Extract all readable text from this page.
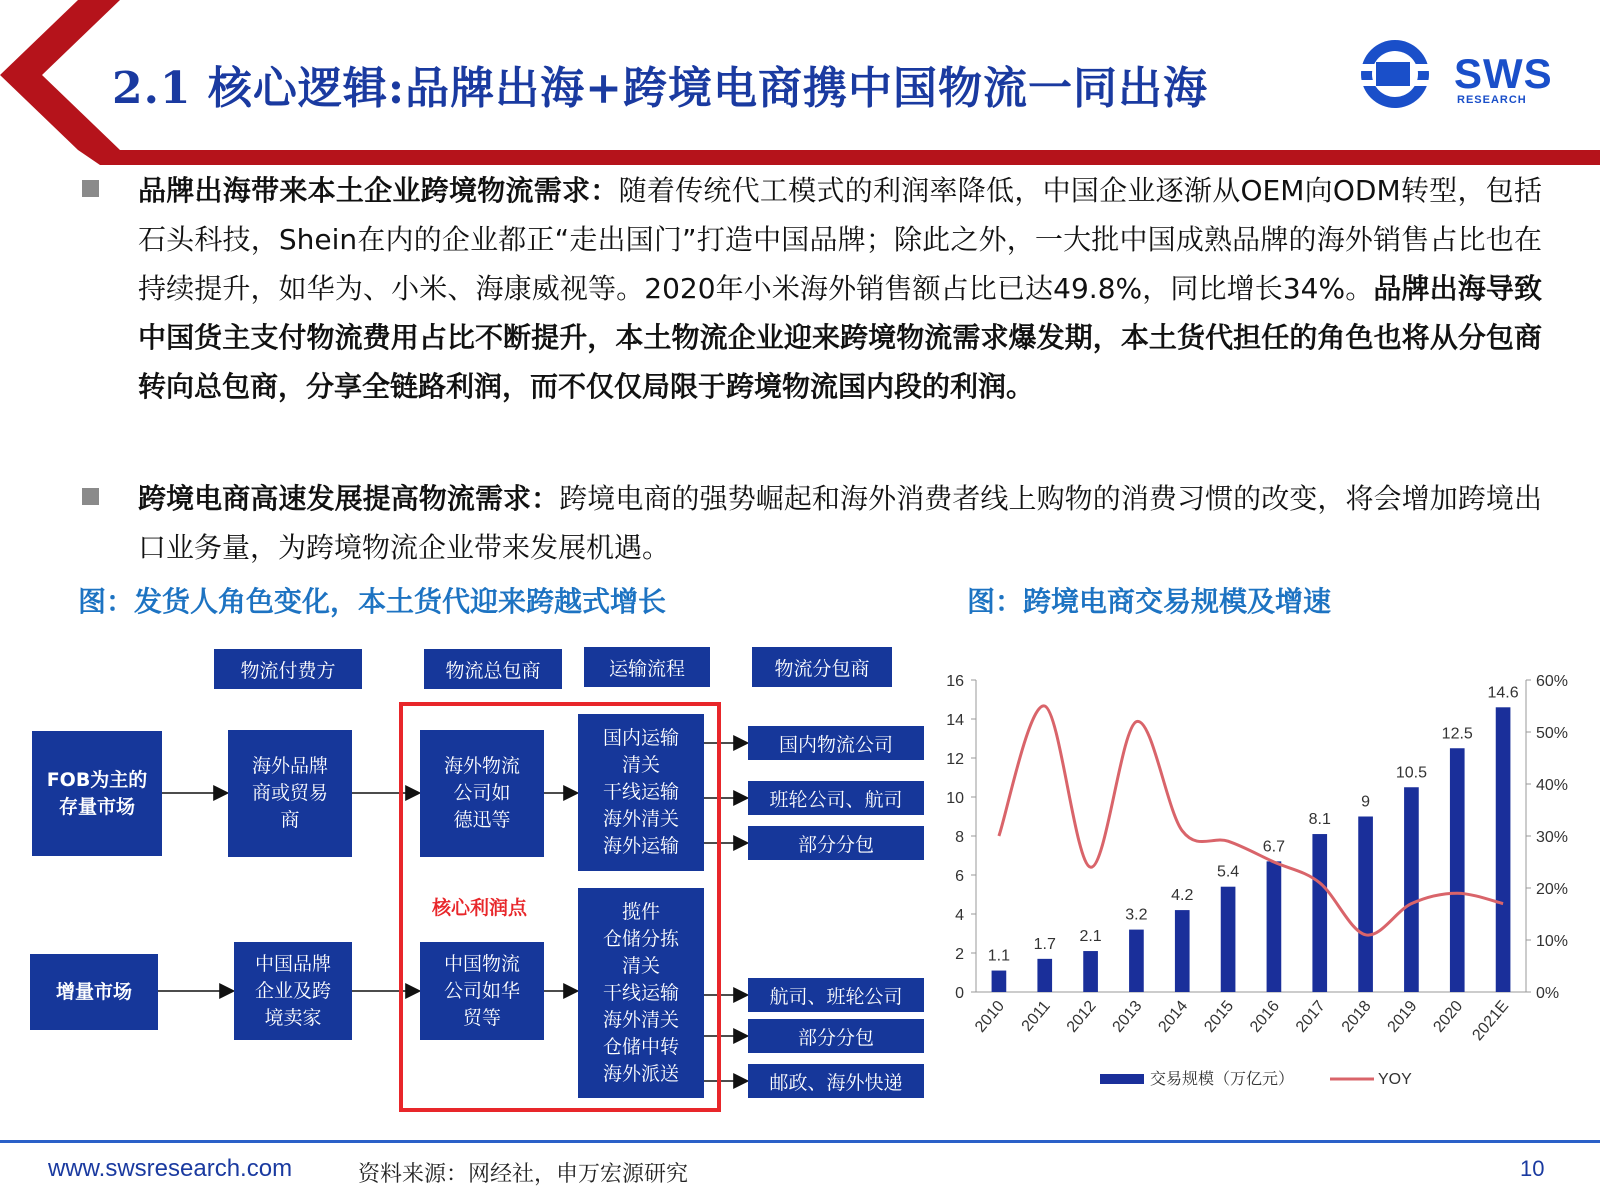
2.1 核心逻辑:品牌出海+跨境电商携中国物流一同出海	SWS
RESEARCH

品牌出海带来本土企业跨境物流需求：随着传统代工模式的利润率降低，中国企业逐渐从OEM向ODM转型，包括石头科技，Shein在内的企业都正“走出国门”打造中国品牌；除此之外，一大批中国成熟品牌的海外销售占比也在持续提升，如华为、小米、海康威视等。2020年小米海外销售额占比已达49.8%，同比增长34%。品牌出海导致中国货主支付物流费用占比不断提升，本土物流企业迎来跨境物流需求爆发期，本土货代担任的角色也将从分包商转向总包商，分享全链路利润，而不仅仅局限于跨境物流国内段的利润。

跨境电商高速发展提高物流需求：跨境电商的强势崛起和海外消费者线上购物的消费习惯的改变，将会增加跨境出口业务量，为跨境物流企业带来发展机遇。

图：发货人角色变化，本土货代迎来跨越式增长	图：跨境电商交易规模及增速
物流付费方	物流总包商	运输流程	物流分包商
FOB为主的
存量市场
增量市场
海外品牌
商或贸易
商
中国品牌
企业及跨
境卖家
核心利润点
海外物流
公司如
德迅等
中国物流
公司如华
贸等
国内运输
清关
干线运输
海外清关
海外运输
揽件
仓储分拣
清关
干线运输
海外清关
仓储中转
海外派送
国内物流公司
班轮公司、航司
部分分包
航司、班轮公司
部分分包
邮政、海外快递
0
2
4
6
8
10
12
14
16
0%
10%
20%
30%
40%
50%
60%
1.1
1.7 2.1
3.2
4.2
5.4
6.7
8.1
9
10.5
12.5
14.6
2010 2011 2012 2013 2014 2015 2016 2017 2018 2019 2020 2021E
交易规模（万亿元）	YOY
www.swsresearch.com	资料来源：网经社，申万宏源研究	10
